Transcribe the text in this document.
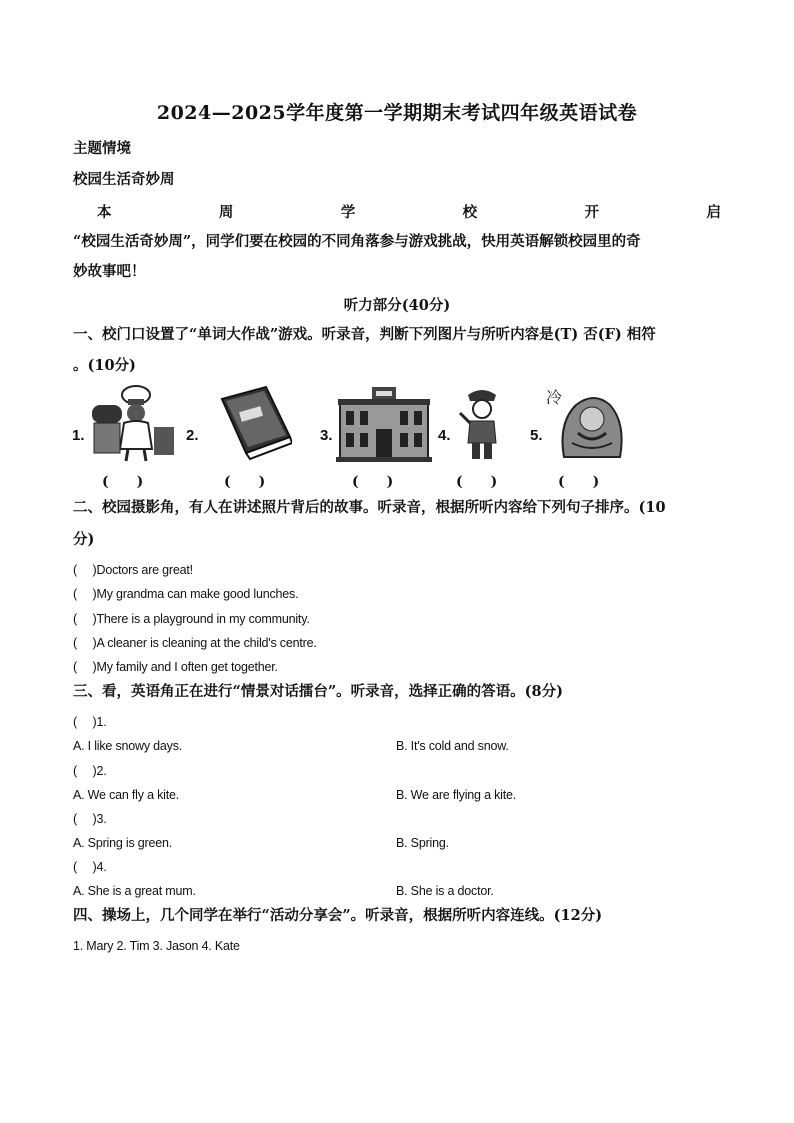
2024—2025学年度第一学期期末考试四年级英语试卷
主题情境
校园生活奇妙周
本	周	学	校	开	启
“校园生活奇妙周”，同学们要在校园的不同角落参与游戏挑战，快用英语解锁校园里的奇
妙故事吧！
听力部分(40分)
一、校门口设置了“单词大作战”游戏。听录音，判断下列图片与所听内容是(T) 否(F) 相符
。(10分)
1.
(　　)
2.
(　　)
3.
(　　)
4.
(　　)
5.
冷
(　　)
二、校园摄影角，有人在讲述照片背后的故事。听录音，根据所听内容给下列句子排序。(10
分)
(　 )Doctors are great!
(　 )My grandma can make good lunches.
(　 )There is a playground in my community.
(　 )A cleaner is cleaning at the child's centre.
(　 )My family and I often get together.
三、看，英语角正在进行“情景对话擂台”。听录音，选择正确的答语。(8分)
(　 )1.
A. I like snowy days.	B. It's cold and snow.
(　 )2.
A. We can fly a kite.	B. We are flying a kite.
(　 )3.
A. Spring is green.	B. Spring.
(　 )4.
A. She is a great mum.	B. She is a doctor.
四、操场上，几个同学在举行“活动分享会”。听录音，根据所听内容连线。(12分)
1. Mary 2. Tim 3. Jason 4. Kate
